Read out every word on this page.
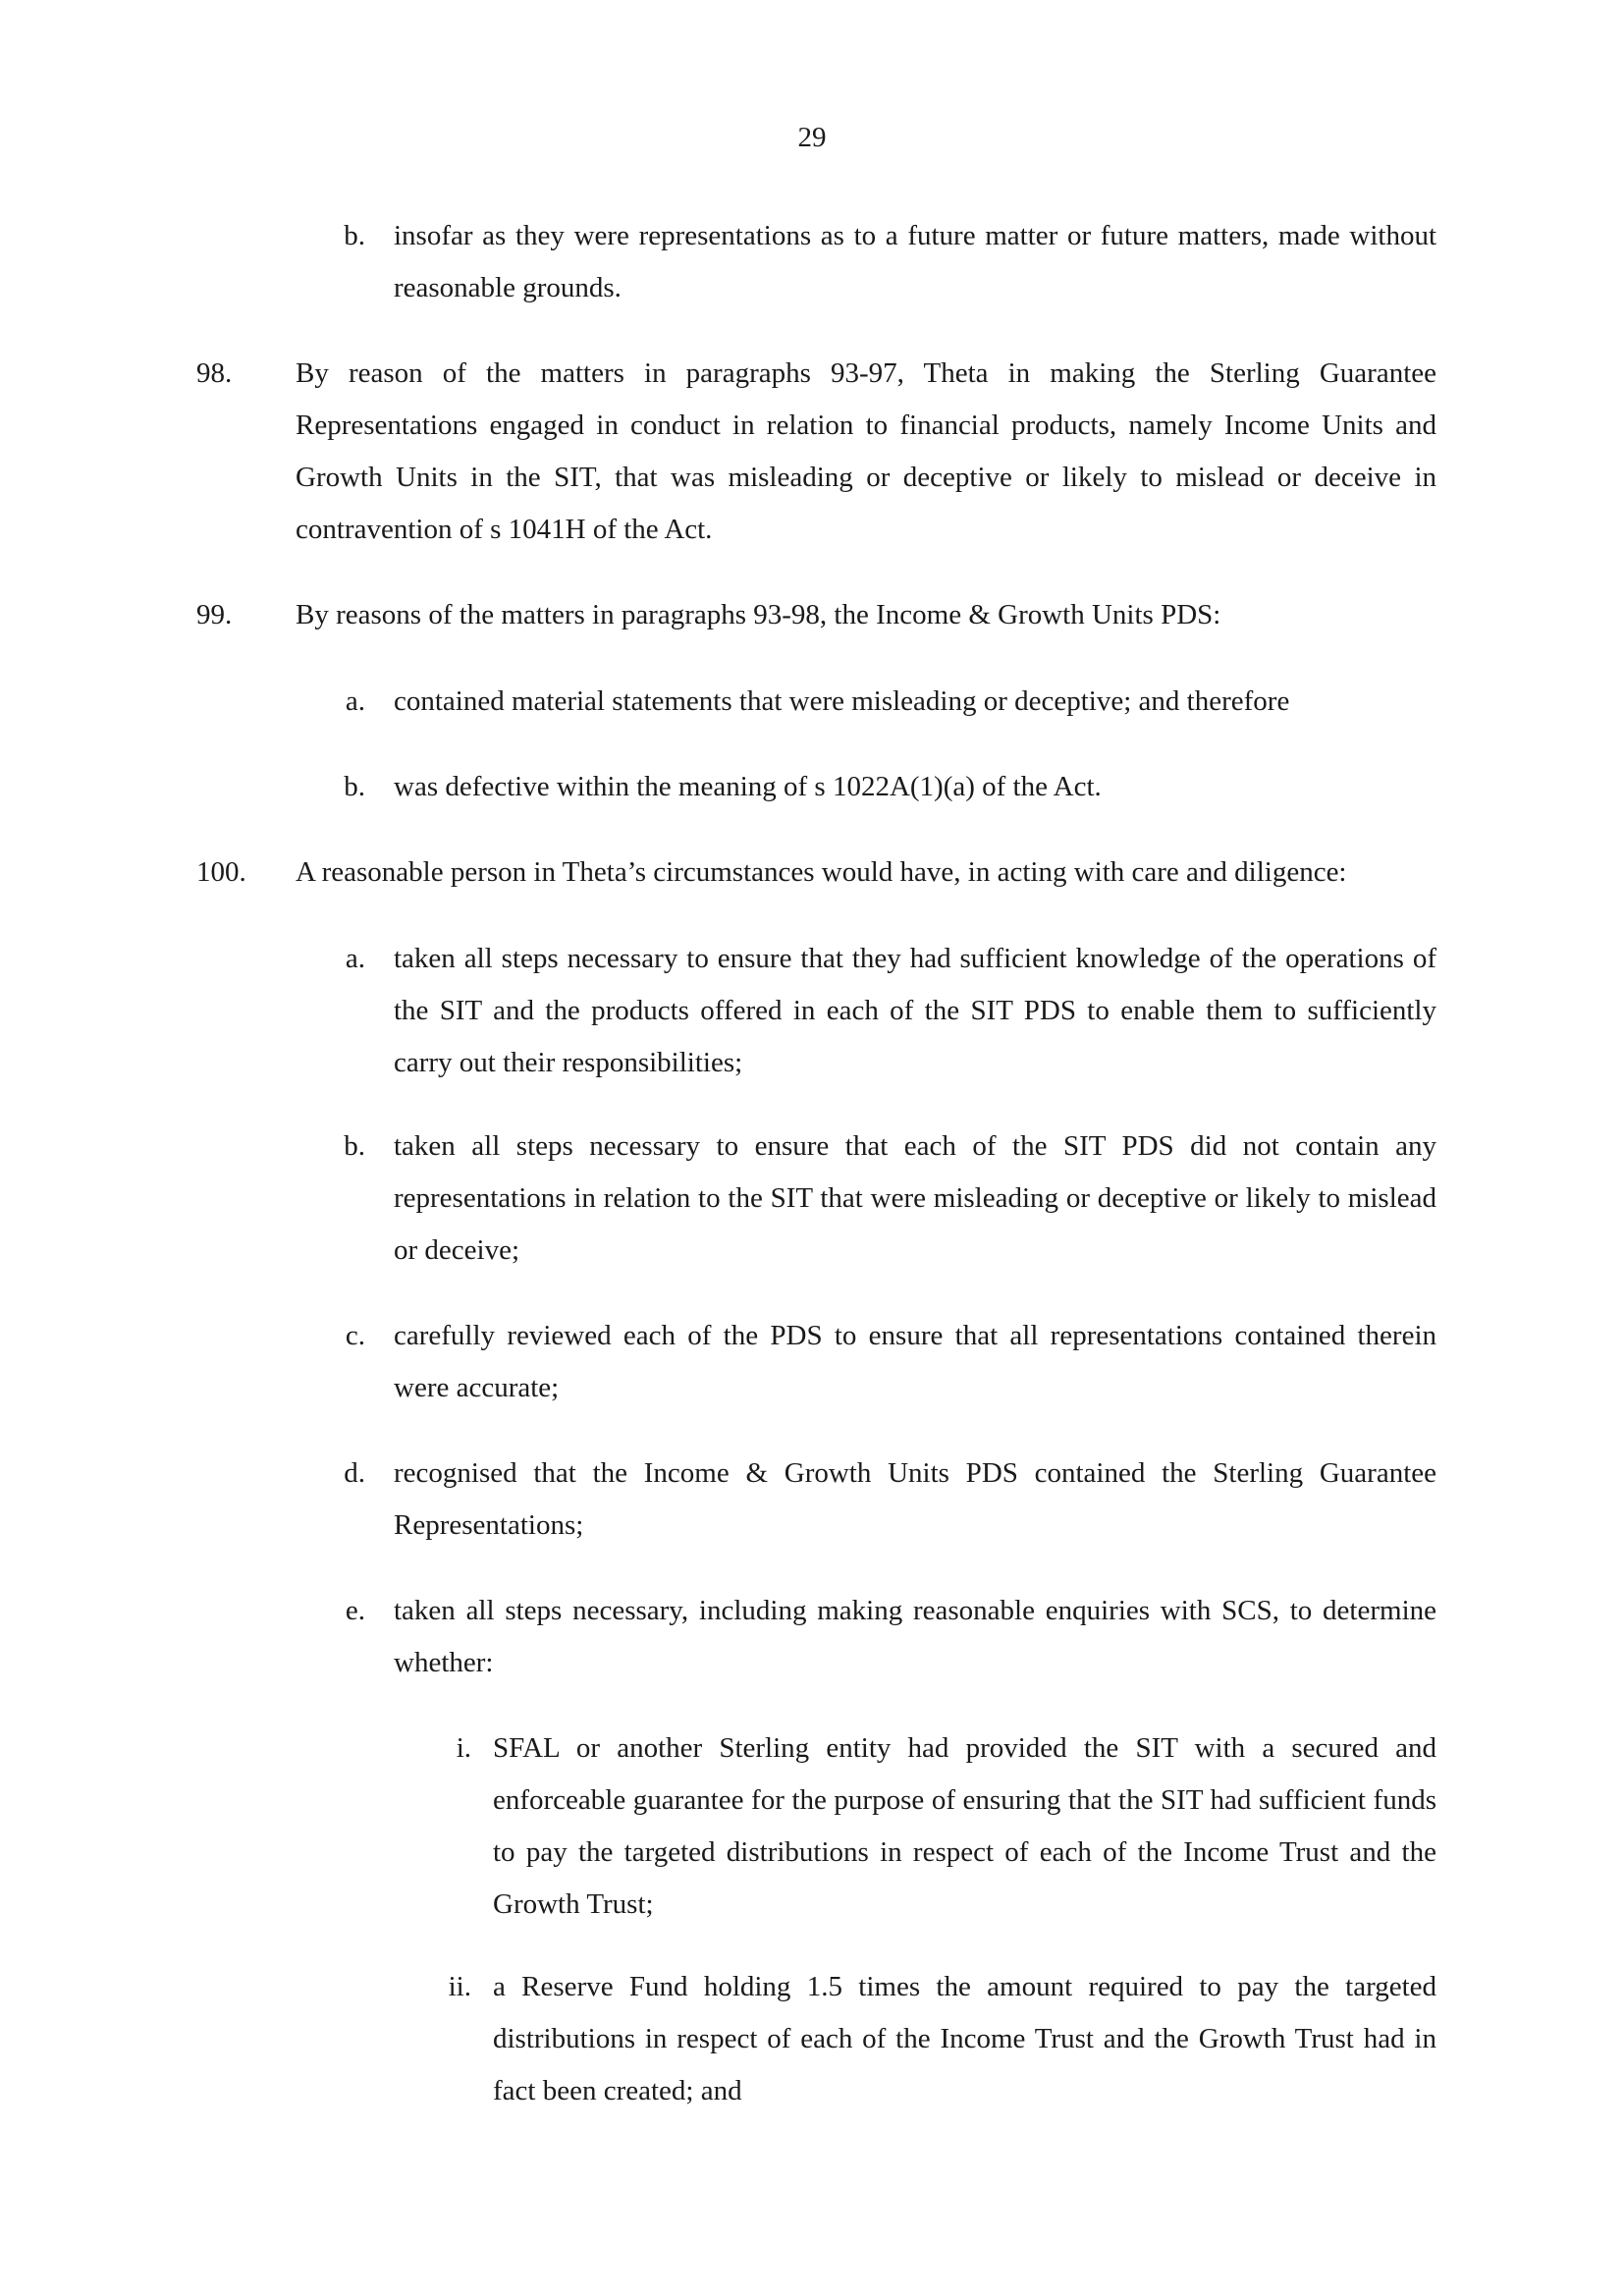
29
b. insofar as they were representations as to a future matter or future matters, made without reasonable grounds.
98. By reason of the matters in paragraphs 93-97, Theta in making the Sterling Guarantee Representations engaged in conduct in relation to financial products, namely Income Units and Growth Units in the SIT, that was misleading or deceptive or likely to mislead or deceive in contravention of s 1041H of the Act.
99. By reasons of the matters in paragraphs 93-98, the Income & Growth Units PDS:
a. contained material statements that were misleading or deceptive; and therefore
b. was defective within the meaning of s 1022A(1)(a) of the Act.
100. A reasonable person in Theta’s circumstances would have, in acting with care and diligence:
a. taken all steps necessary to ensure that they had sufficient knowledge of the operations of the SIT and the products offered in each of the SIT PDS to enable them to sufficiently carry out their responsibilities;
b. taken all steps necessary to ensure that each of the SIT PDS did not contain any representations in relation to the SIT that were misleading or deceptive or likely to mislead or deceive;
c. carefully reviewed each of the PDS to ensure that all representations contained therein were accurate;
d. recognised that the Income & Growth Units PDS contained the Sterling Guarantee Representations;
e. taken all steps necessary, including making reasonable enquiries with SCS, to determine whether:
i. SFAL or another Sterling entity had provided the SIT with a secured and enforceable guarantee for the purpose of ensuring that the SIT had sufficient funds to pay the targeted distributions in respect of each of the Income Trust and the Growth Trust;
ii. a Reserve Fund holding 1.5 times the amount required to pay the targeted distributions in respect of each of the Income Trust and the Growth Trust had in fact been created; and
